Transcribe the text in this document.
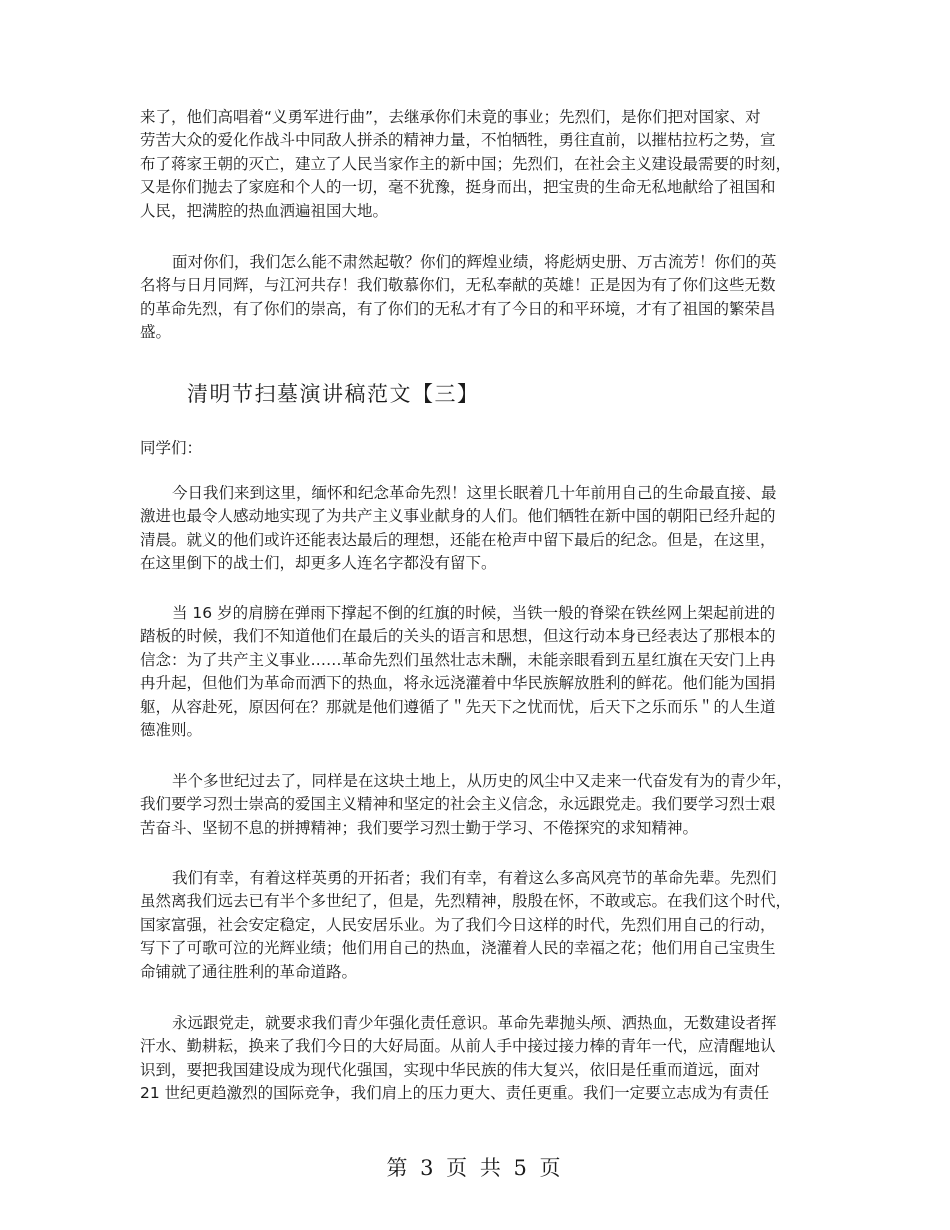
来了，他们高唱着“义勇军进行曲”，去继承你们未竟的事业；先烈们，是你们把对国家、对
劳苦大众的爱化作战斗中同敌人拼杀的精神力量，不怕牺牲，勇往直前，以摧枯拉朽之势，宣
布了蒋家王朝的灭亡，建立了人民当家作主的新中国；先烈们，在社会主义建设最需要的时刻，
又是你们抛去了家庭和个人的一切，毫不犹豫，挺身而出，把宝贵的生命无私地献给了祖国和
人民，把满腔的热血洒遍祖国大地。
面对你们，我们怎么能不肃然起敬？你们的辉煌业绩，将彪炳史册、万古流芳！你们的英
名将与日月同辉，与江河共存！我们敬慕你们，无私奉献的英雄！正是因为有了你们这些无数
的革命先烈，有了你们的崇高，有了你们的无私才有了今日的和平环境，才有了祖国的繁荣昌
盛。
清明节扫墓演讲稿范文【三】
同学们：
今日我们来到这里，缅怀和纪念革命先烈！这里长眠着几十年前用自己的生命最直接、最
激进也最令人感动地实现了为共产主义事业献身的人们。他们牺牲在新中国的朝阳已经升起的
清晨。就义的他们或许还能表达最后的理想，还能在枪声中留下最后的纪念。但是，在这里，
在这里倒下的战士们，却更多人连名字都没有留下。
当 16 岁的肩膀在弹雨下撑起不倒的红旗的时候，当铁一般的脊梁在铁丝网上架起前进的
踏板的时候，我们不知道他们在最后的关头的语言和思想，但这行动本身已经表达了那根本的
信念：为了共产主义事业……革命先烈们虽然壮志未酬，未能亲眼看到五星红旗在天安门上冉
冉升起，但他们为革命而洒下的热血，将永远浇灌着中华民族解放胜利的鲜花。他们能为国捐
躯，从容赴死，原因何在？那就是他们遵循了＂先天下之忧而忧，后天下之乐而乐＂的人生道
德准则。
半个多世纪过去了，同样是在这块土地上，从历史的风尘中又走来一代奋发有为的青少年，
我们要学习烈士崇高的爱国主义精神和坚定的社会主义信念，永远跟党走。我们要学习烈士艰
苦奋斗、坚韧不息的拼搏精神；我们要学习烈士勤于学习、不倦探究的求知精神。
我们有幸，有着这样英勇的开拓者；我们有幸，有着这么多高风亮节的革命先辈。先烈们
虽然离我们远去已有半个多世纪了，但是，先烈精神，殷殷在怀，不敢或忘。在我们这个时代，
国家富强，社会安定稳定，人民安居乐业。为了我们今日这样的时代，先烈们用自己的行动，
写下了可歌可泣的光辉业绩；他们用自己的热血，浇灌着人民的幸福之花；他们用自己宝贵生
命铺就了通往胜利的革命道路。
永远跟党走，就要求我们青少年强化责任意识。革命先辈抛头颅、洒热血，无数建设者挥
汗水、勤耕耘，换来了我们今日的大好局面。从前人手中接过接力棒的青年一代，应清醒地认
识到，要把我国建设成为现代化强国，实现中华民族的伟大复兴，依旧是任重而道远，面对
21 世纪更趋激烈的国际竞争，我们肩上的压力更大、责任更重。我们一定要立志成为有责任
第 3 页 共 5 页
